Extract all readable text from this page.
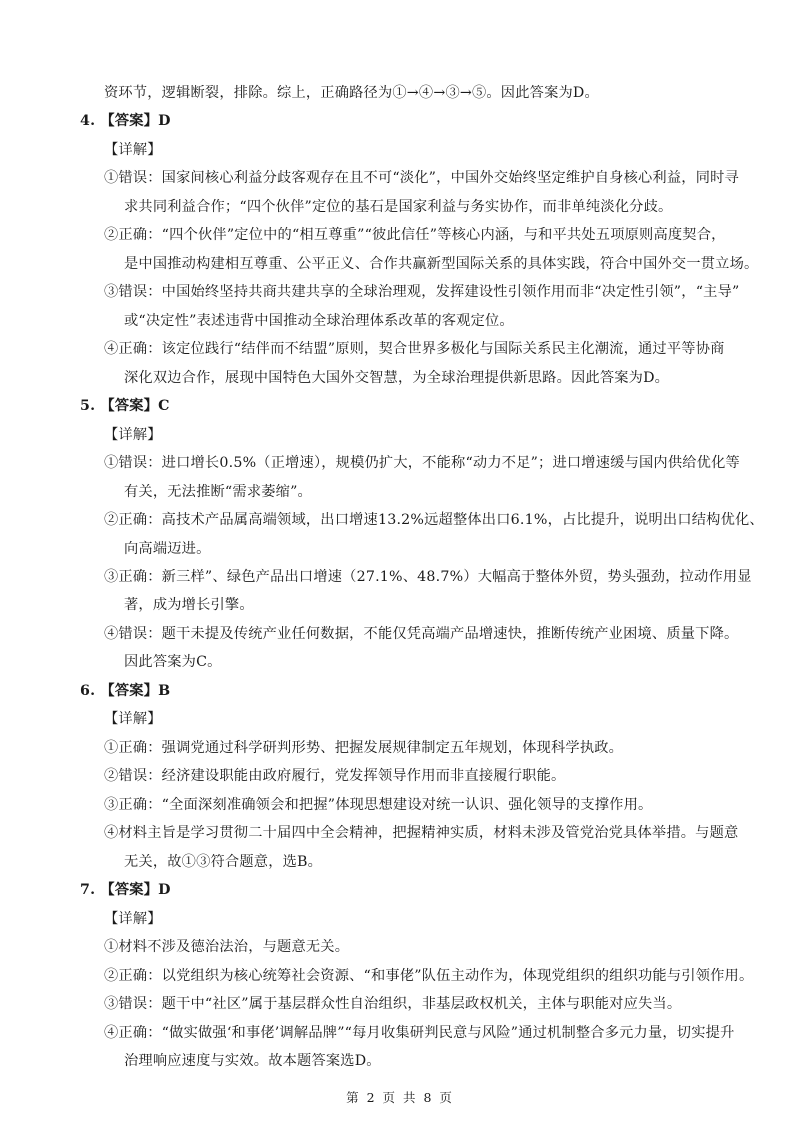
资环节，逻辑断裂，排除。综上，正确路径为①→④→③→⑤。因此答案为D。
4. 【答案】D
【详解】
①错误：国家间核心利益分歧客观存在且不可“淡化”，中国外交始终坚定维护自身核心利益，同时寻
求共同利益合作；“四个伙伴”定位的基石是国家利益与务实协作，而非单纯淡化分歧。
②正确：“四个伙伴”定位中的“相互尊重”“彼此信任”等核心内涵，与和平共处五项原则高度契合，
是中国推动构建相互尊重、公平正义、合作共赢新型国际关系的具体实践，符合中国外交一贯立场。
③错误：中国始终坚持共商共建共享的全球治理观，发挥建设性引领作用而非“决定性引领”，“主导”
或“决定性”表述违背中国推动全球治理体系改革的客观定位。
④正确：该定位践行“结伴而不结盟”原则，契合世界多极化与国际关系民主化潮流，通过平等协商
深化双边合作，展现中国特色大国外交智慧，为全球治理提供新思路。因此答案为D。
5. 【答案】C
【详解】
①错误：进口增长0.5%（正增速），规模仍扩大，不能称“动力不足”；进口增速缓与国内供给优化等
有关，无法推断“需求萎缩”。
②正确：高技术产品属高端领域，出口增速13.2%远超整体出口6.1%，占比提升，说明出口结构优化、
向高端迈进。
③正确：新三样”、绿色产品出口增速（27.1%、48.7%）大幅高于整体外贸，势头强劲，拉动作用显
著，成为增长引擎。
④错误：题干未提及传统产业任何数据，不能仅凭高端产品增速快，推断传统产业困境、质量下降。
因此答案为C。
6. 【答案】B
【详解】
①正确：强调党通过科学研判形势、把握发展规律制定五年规划，体现科学执政。
②错误：经济建设职能由政府履行，党发挥领导作用而非直接履行职能。
③正确：“全面深刻准确领会和把握”体现思想建设对统一认识、强化领导的支撑作用。
④材料主旨是学习贯彻二十届四中全会精神，把握精神实质，材料未涉及管党治党具体举措。与题意
无关，故①③符合题意，选B。
第 2 页 共 8 页
7. 【答案】D
【详解】
①材料不涉及德治法治，与题意无关。
②正确：以党组织为核心统筹社会资源、“和事佬”队伍主动作为，体现党组织的组织功能与引领作用。
③错误：题干中“社区”属于基层群众性自治组织，非基层政权机关，主体与职能对应失当。
④正确：“做实做强‘和事佬’调解品牌”“每月收集研判民意与风险”通过机制整合多元力量，切实提升
治理响应速度与实效。故本题答案选D。
